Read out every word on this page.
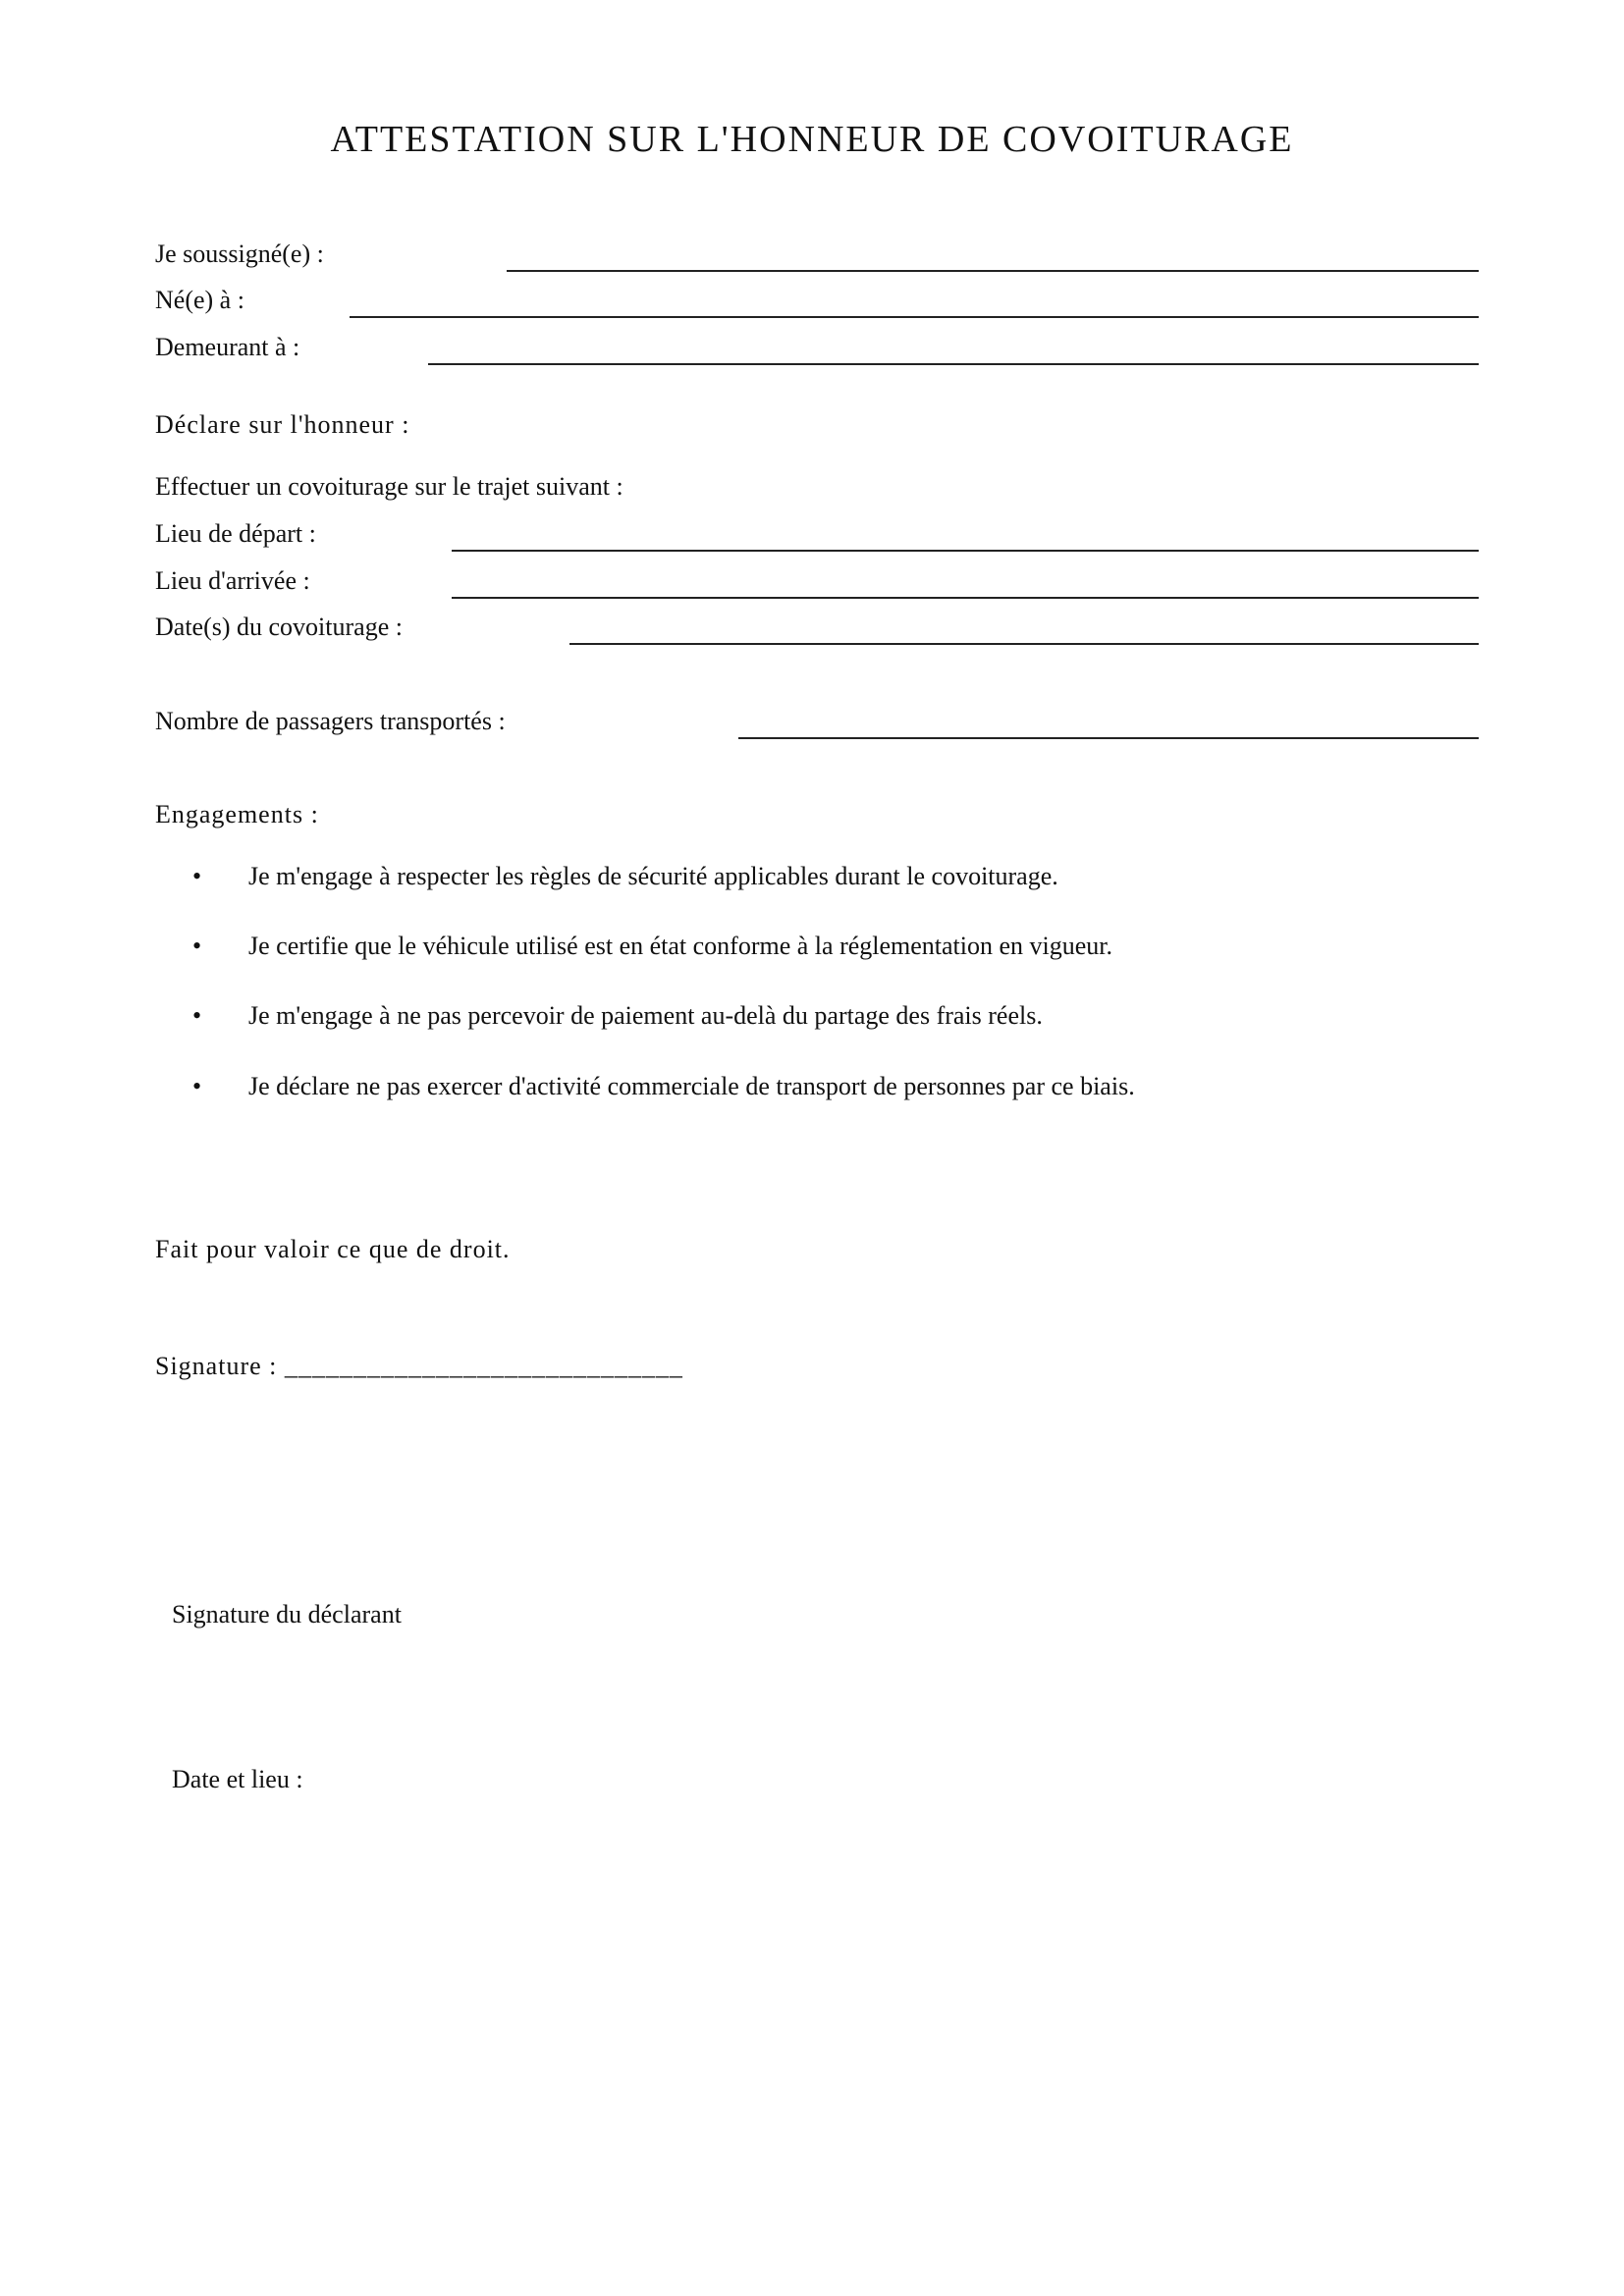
ATTESTATION SUR L'HONNEUR DE COVOITURAGE
Je soussigné(e) :
Né(e) à :
Demeurant à :
Déclare sur l'honneur :
Effectuer un covoiturage sur le trajet suivant :
Lieu de départ :
Lieu d'arrivée :
Date(s) du covoiturage :
Nombre de passagers transportés :
Engagements :
• Je m'engage à respecter les règles de sécurité applicables durant le covoiturage.
• Je certifie que le véhicule utilisé est en état conforme à la réglementation en vigueur.
• Je m'engage à ne pas percevoir de paiement au-delà du partage des frais réels.
• Je déclare ne pas exercer d'activité commerciale de transport de personnes par ce biais.
Fait pour valoir ce que de droit.
Signature : _____________________________
Signature du déclarant
Date et lieu :
